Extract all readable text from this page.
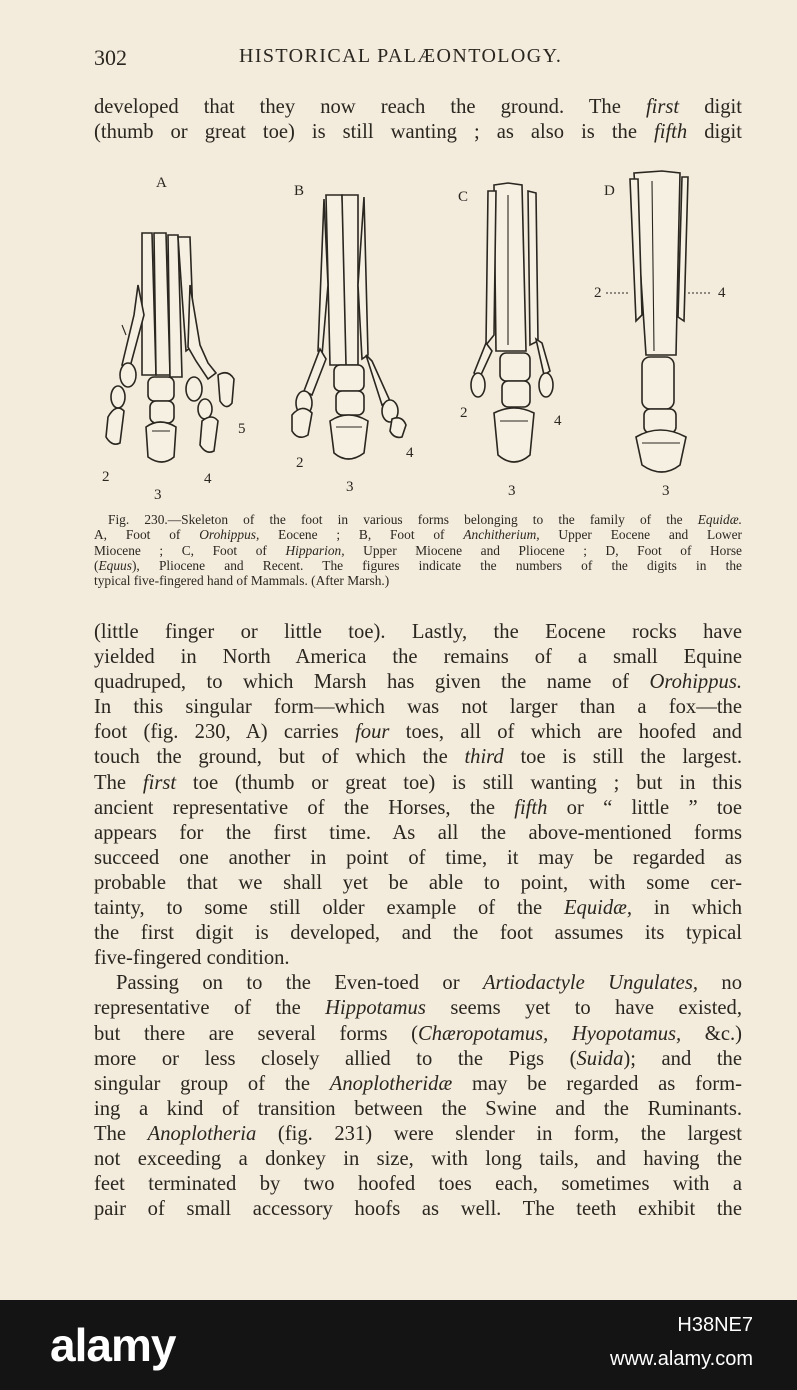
302	HISTORICAL PALÆONTOLOGY.
developed that they now reach the ground. The first digit
(thumb or great toe) is still wanting ; as also is the fifth digit
A
2
3
4
5
B
2
3
4
C
2
3
4
D
2
3
4
Fig. 230.—Skeleton of the foot in various forms belonging to the family of the Equidæ.
A, Foot of Orohippus, Eocene ; B, Foot of Anchitherium, Upper Eocene and Lower
Miocene ; C, Foot of Hipparion, Upper Miocene and Pliocene ; D, Foot of Horse
(Equus), Pliocene and Recent. The figures indicate the numbers of the digits in the
typical five-fingered hand of Mammals. (After Marsh.)
(little finger or little toe). Lastly, the Eocene rocks have
yielded in North America the remains of a small Equine
quadruped, to which Marsh has given the name of Orohippus.
In this singular form—which was not larger than a fox—the
foot (fig. 230, A) carries four toes, all of which are hoofed and
touch the ground, but of which the third toe is still the largest.
The first toe (thumb or great toe) is still wanting ; but in this
ancient representative of the Horses, the fifth or “ little ” toe
appears for the first time. As all the above-mentioned forms
succeed one another in point of time, it may be regarded as
probable that we shall yet be able to point, with some cer-
tainty, to some still older example of the Equidæ, in which
the first digit is developed, and the foot assumes its typical
five-fingered condition.
Passing on to the Even-toed or Artiodactyle Ungulates, no
representative of the Hippotamus seems yet to have existed,
but there are several forms (Chæropotamus, Hyopotamus, &c.)
more or less closely allied to the Pigs (Suida); and the
singular group of the Anoplotheridæ may be regarded as form-
ing a kind of transition between the Swine and the Ruminants.
The Anoplotheria (fig. 231) were slender in form, the largest
not exceeding a donkey in size, with long tails, and having the
feet terminated by two hoofed toes each, sometimes with a
pair of small accessory hoofs as well. The teeth exhibit the
alamy	H38NE7
www.alamy.com
